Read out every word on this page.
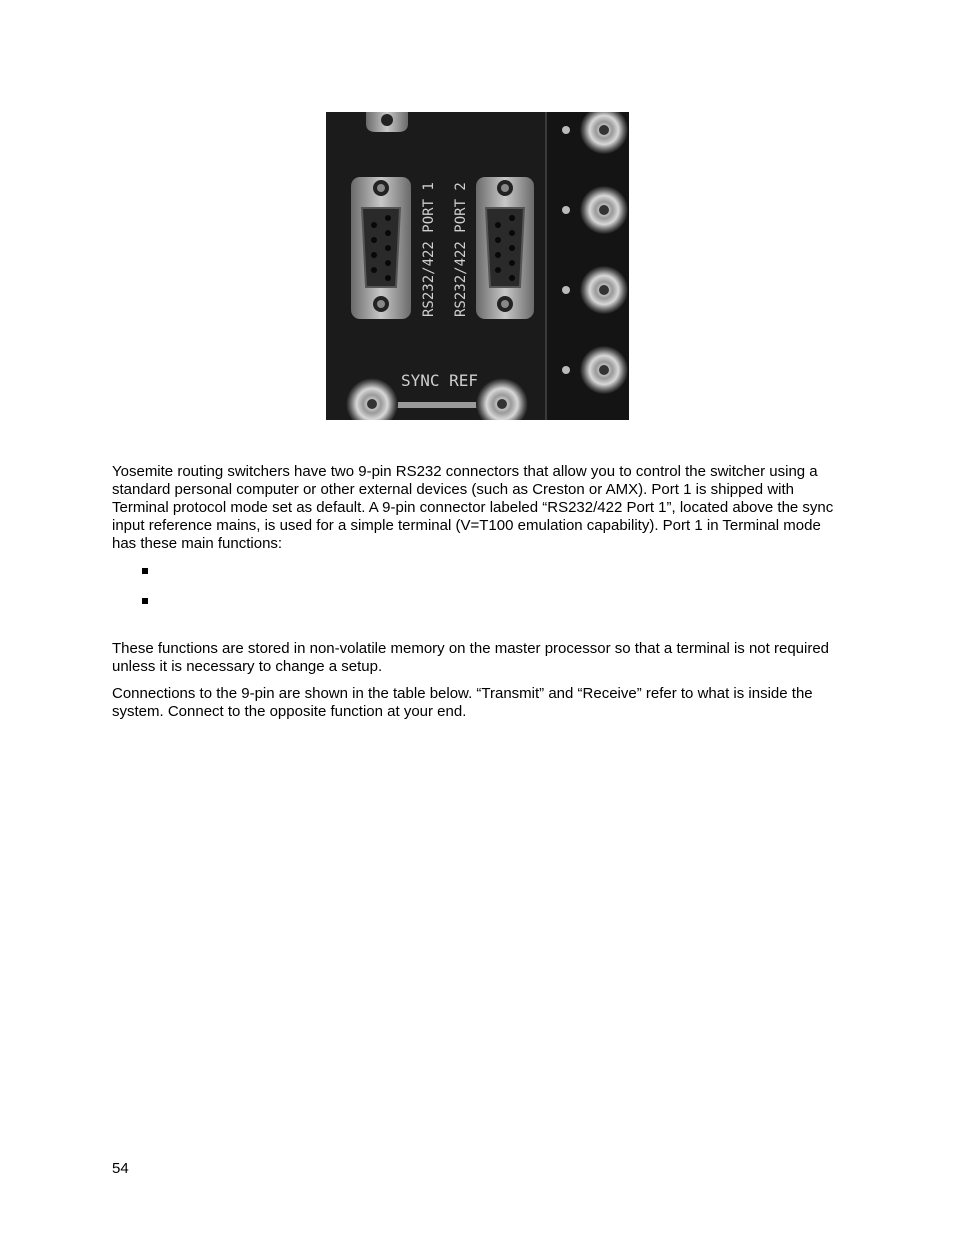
RS232/422 PORT 1 RS232/422 PORT 2
SYNC REF

Yosemite routing switchers have two 9-pin RS232 connectors that allow you to control the switcher using a standard personal computer or other external devices (such as Creston or AMX). Port 1 is shipped with Terminal protocol mode set as default. A 9-pin connector labeled “RS232/422 Port 1”, located above the sync input reference mains, is used for a simple terminal (V=T100 emulation capability). Port 1 in Terminal mode has these main functions:

These functions are stored in non-volatile memory on the master processor so that a terminal is not required unless it is necessary to change a setup.

Connections to the 9-pin are shown in the table below. “Transmit” and “Receive” refer to what is inside the system. Connect to the opposite function at your end.

54
